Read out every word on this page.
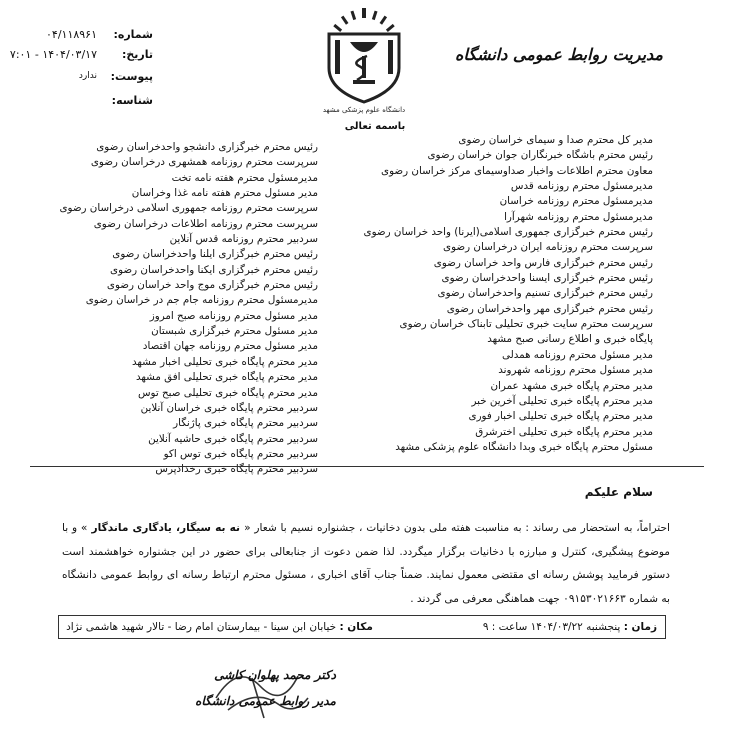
شماره:
۰۴/۱۱۸۹۶۱
تاریخ:
۱۴۰۴/۰۳/۱۷ - ۷:۰۱
پیوست:
ندارد
شناسه:
مدیریت روابط عمومی دانشگاه
دانشگاه علوم پزشکی مشهد
باسمه تعالی
مدیر کل محترم صدا و سیمای خراسان رضوی
رئیس محترم باشگاه خبرنگاران جوان خراسان رضوی
معاون محترم اطلاعات واخبار صداوسیمای مرکز خراسان رضوی
مدیرمسئول محترم روزنامه قدس
مدیرمسئول محترم روزنامه خراسان
مدیرمسئول محترم روزنامه شهرآرا
رئیس محترم خبرگزاری جمهوری اسلامی(ایرنا) واحد خراسان رضوی
سرپرست محترم روزنامه ایران درخراسان رضوی
رئیس محترم خبرگزاری فارس واحد خراسان رضوی
رئیس محترم خبرگزاری ایسنا واحدخراسان رضوی
رئیس محترم خبرگزاری تسنیم واحدخراسان رضوی
رئیس محترم خبرگزاری مهر واحدخراسان رضوی
سرپرست محترم سایت خبری تحلیلی تابناک خراسان رضوی
پایگاه خبری و اطلاع رسانی صبح مشهد
مدیر مسئول محترم روزنامه همدلی
مدیر مسئول محترم روزنامه شهروند
مدیر محترم پایگاه خبری مشهد عمران
مدیر محترم پایگاه خبری تحلیلی آخرین خبر
مدیر محترم پایگاه خبری تحلیلی اخبار فوری
مدیر محترم پایگاه خبری تحلیلی اخترشرق
مسئول محترم پایگاه خبری وبدا دانشگاه علوم پزشکی مشهد
رئیس محترم خبرگزاری دانشجو واحدخراسان رضوی
سرپرست محترم روزنامه همشهری درخراسان رضوی
مدیرمسئول محترم هفته نامه تخت
مدیر مسئول محترم هفته نامه غذا وخراسان
سرپرست محترم روزنامه جمهوری اسلامی درخراسان رضوی
سرپرست محترم روزنامه اطلاعات درخراسان رضوی
سردبیر محترم روزنامه قدس آنلاین
رئیس محترم خبرگزاری ایلنا واحدخراسان رضوی
رئیس محترم خبرگزاری ایکنا واحدخراسان رضوی
رئیس محترم خبرگزاری موج واحد خراسان رضوی
مدیرمسئول محترم روزنامه جام جم در خراسان رضوی
مدیر مسئول محترم روزنامه صبح امروز
مدیر مسئول محترم خبرگزاری شبستان
مدیر مسئول محترم روزنامه جهان اقتصاد
مدیر محترم پایگاه خبری تحلیلی اخبار مشهد
مدیر محترم پایگاه خبری تحلیلی افق مشهد
مدیر محترم پایگاه خبری تحلیلی صبح توس
سردبیر محترم پایگاه خبری خراسان آنلاین
سردبیر محترم پایگاه خبری پاژنگار
سردبیر محترم پایگاه خبری حاشیه آنلاین
سردبیر محترم پایگاه خبری توس اکو
سردبیر محترم پایگاه خبری رخدادپرس
سلام علیکم
احتراماً، به استحضار می رساند : به مناسبت هفته ملی بدون دخانیات ، جشنواره نسیم با شعار « نه به سیگار، یادگاری ماندگار » و با موضوع پیشگیری، کنترل و مبارزه با دخانیات برگزار میگردد. لذا ضمن دعوت از جنابعالی برای حضور در این جشنواره خواهشمند است دستور فرمایید پوشش رسانه ای مقتضی معمول نمایند. ضمناً جناب آقای اخباری ، مسئول محترم ارتباط رسانه ای روابط عمومی دانشگاه به شماره ۰۹۱۵۳۰۲۱۶۶۳ جهت هماهنگی معرفی می گردند .
زمان : پنجشنبه ۱۴۰۴/۰۳/۲۲ ساعت : ۹
مکان : خیابان ابن سینا - بیمارستان امام رضا - تالار شهید هاشمی نژاد
دکتر محمد پهلوان کاشی
مدیر روابط عمومی دانشگاه
